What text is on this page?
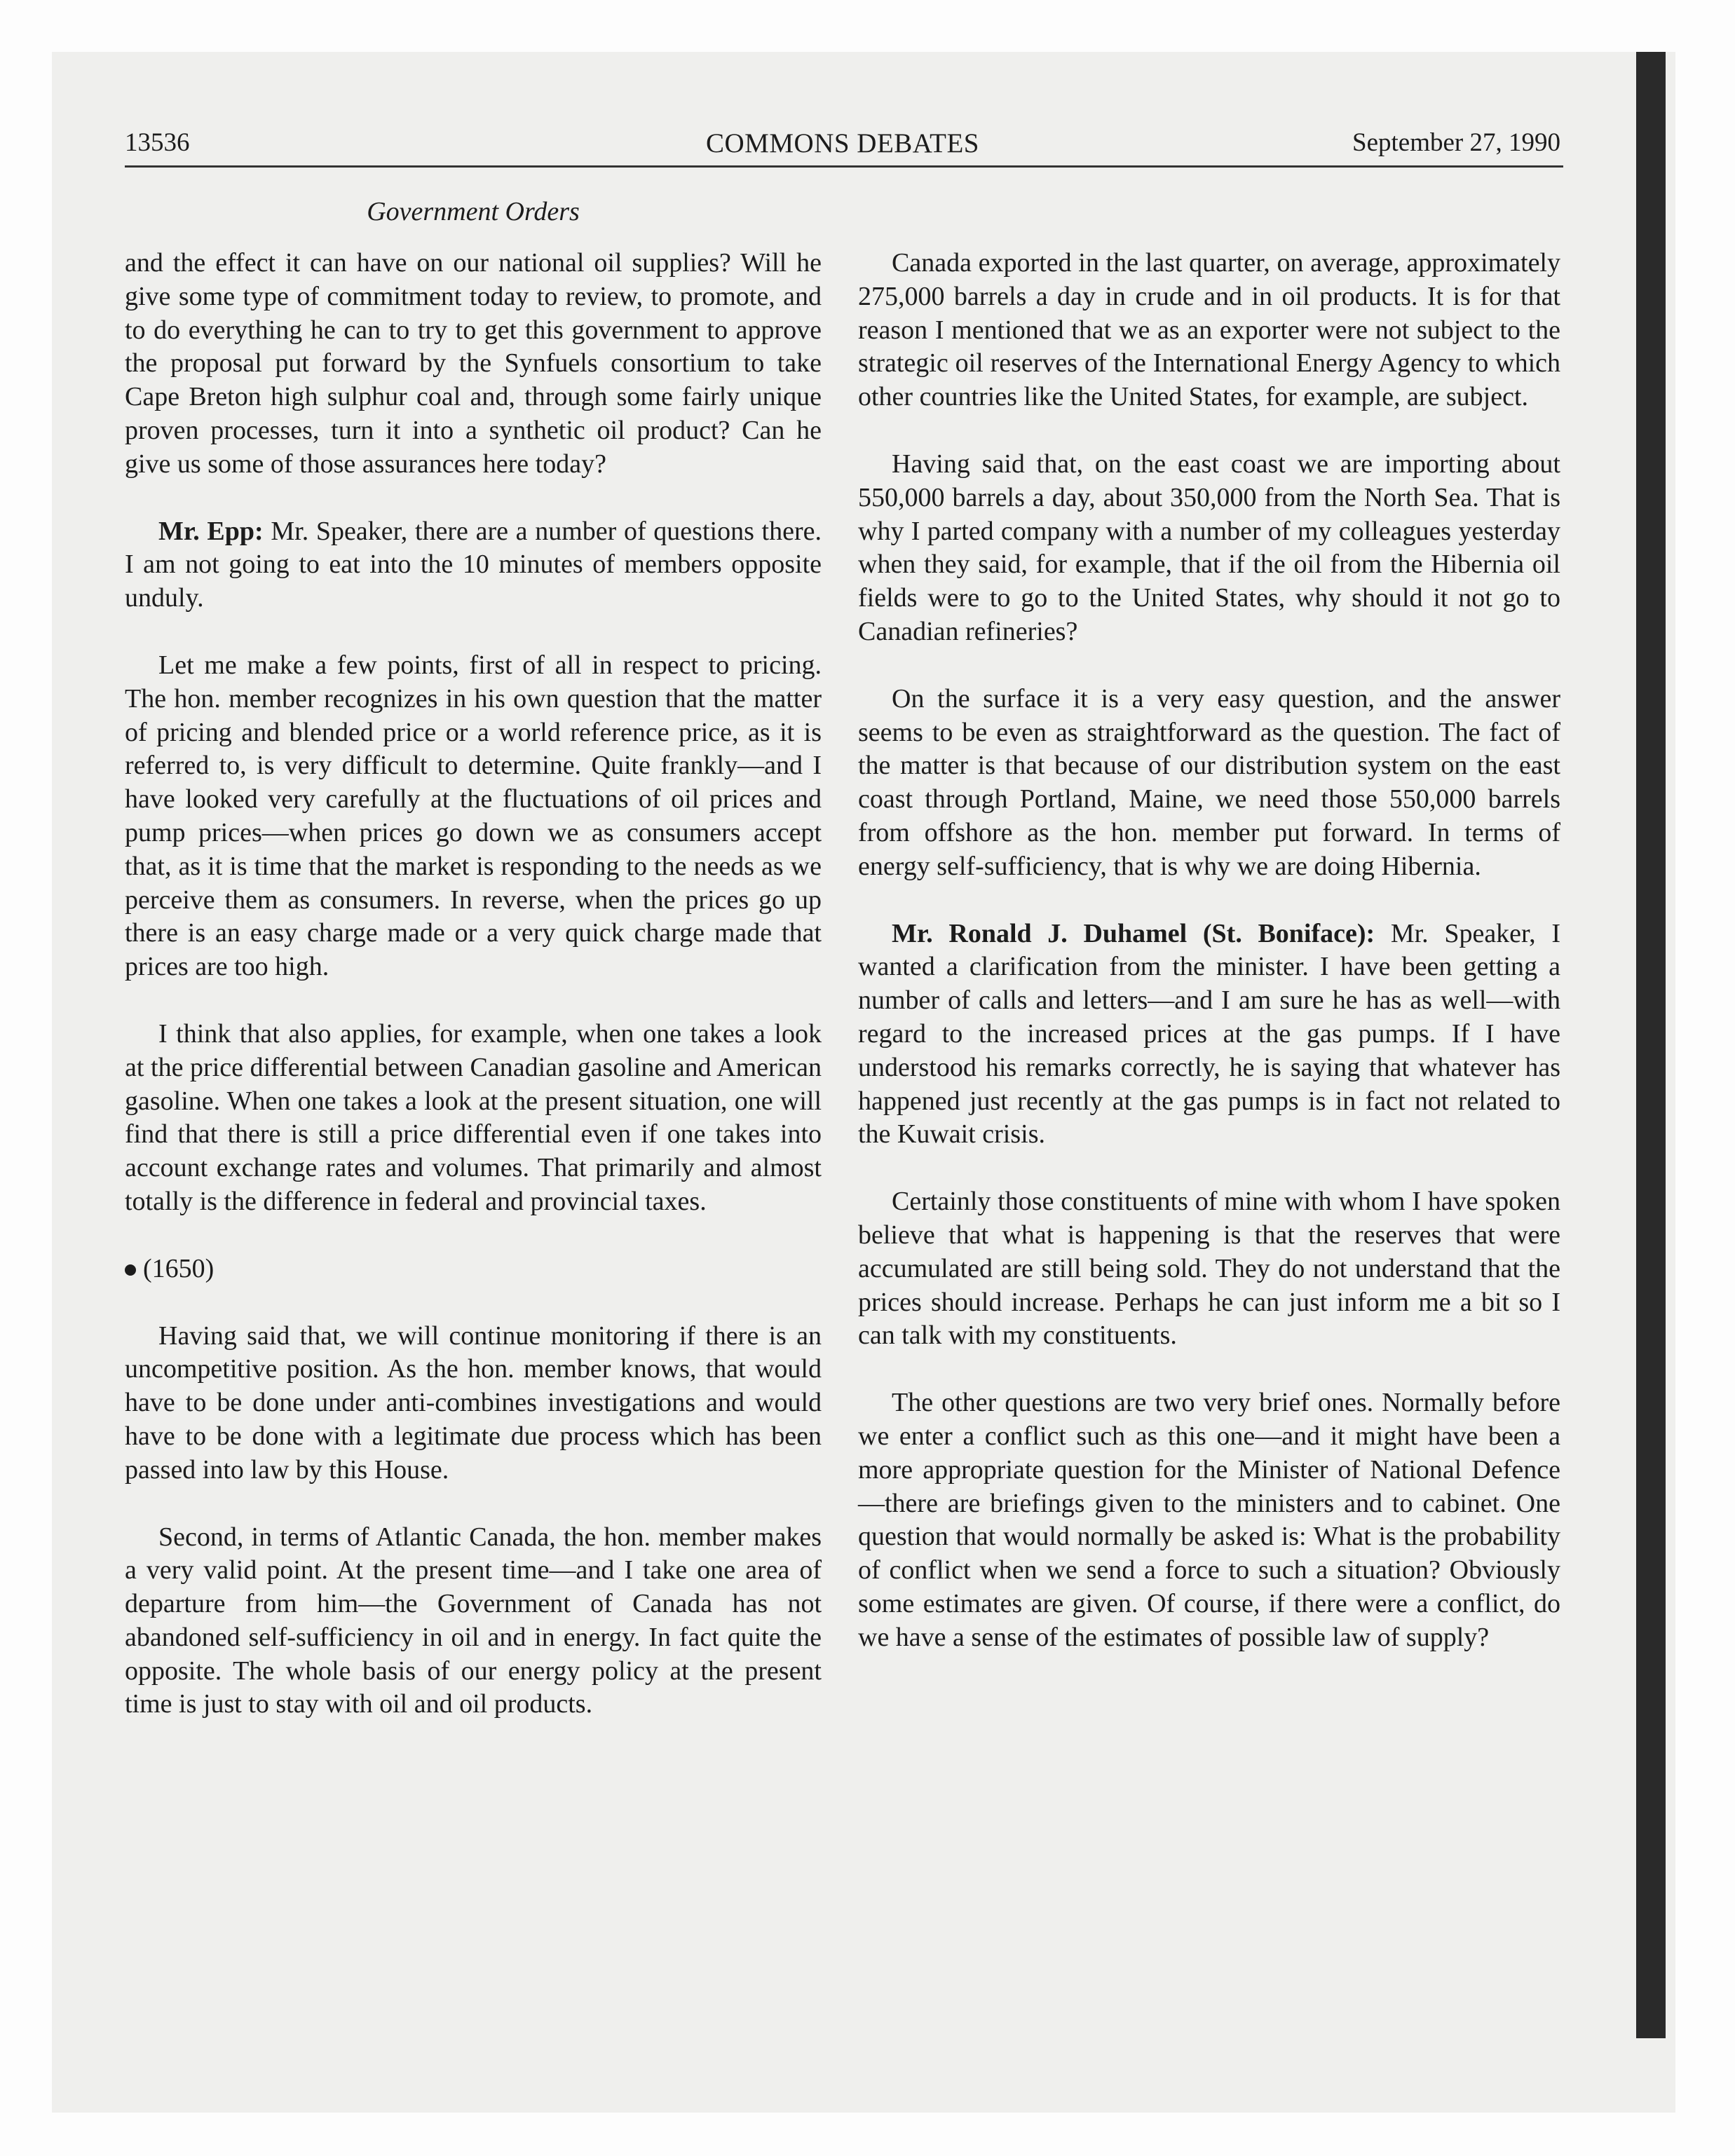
13536	COMMONS DEBATES	September 27, 1990
Government Orders

and the effect it can have on our national oil supplies? Will he give some type of commitment today to review, to promote, and to do everything he can to try to get this government to approve the proposal put forward by the Synfuels consortium to take Cape Breton high sulphur coal and, through some fairly unique proven processes, turn it into a synthetic oil product? Can he give us some of those assurances here today?

Mr. Epp: Mr. Speaker, there are a number of questions there. I am not going to eat into the 10 minutes of members opposite unduly.

Let me make a few points, first of all in respect to pricing. The hon. member recognizes in his own question that the matter of pricing and blended price or a world reference price, as it is referred to, is very difficult to determine. Quite frankly—and I have looked very carefully at the fluctuations of oil prices and pump prices—when prices go down we as consumers accept that, as it is time that the market is responding to the needs as we perceive them as consumers. In reverse, when the prices go up there is an easy charge made or a very quick charge made that prices are too high.

I think that also applies, for example, when one takes a look at the price differential between Canadian gasoline and American gasoline. When one takes a look at the present situation, one will find that there is still a price differential even if one takes into account exchange rates and volumes. That primarily and almost totally is the difference in federal and provincial taxes.

(1650)

Having said that, we will continue monitoring if there is an uncompetitive position. As the hon. member knows, that would have to be done under anti-combines investigations and would have to be done with a legitimate due process which has been passed into law by this House.

Second, in terms of Atlantic Canada, the hon. member makes a very valid point. At the present time—and I take one area of departure from him—the Government of Canada has not abandoned self-sufficiency in oil and in energy. In fact quite the opposite. The whole basis of our energy policy at the present time is just to stay with oil and oil products.

Canada exported in the last quarter, on average, approximately 275,000 barrels a day in crude and in oil products. It is for that reason I mentioned that we as an exporter were not subject to the strategic oil reserves of the International Energy Agency to which other countries like the United States, for example, are subject.

Having said that, on the east coast we are importing about 550,000 barrels a day, about 350,000 from the North Sea. That is why I parted company with a number of my colleagues yesterday when they said, for example, that if the oil from the Hibernia oil fields were to go to the United States, why should it not go to Canadian refineries?

On the surface it is a very easy question, and the answer seems to be even as straightforward as the question. The fact of the matter is that because of our distribution system on the east coast through Portland, Maine, we need those 550,000 barrels from offshore as the hon. member put forward. In terms of energy self-sufficiency, that is why we are doing Hibernia.

Mr. Ronald J. Duhamel (St. Boniface): Mr. Speaker, I wanted a clarification from the minister. I have been getting a number of calls and letters—and I am sure he has as well—with regard to the increased prices at the gas pumps. If I have understood his remarks correctly, he is saying that whatever has happened just recently at the gas pumps is in fact not related to the Kuwait crisis.

Certainly those constituents of mine with whom I have spoken believe that what is happening is that the reserves that were accumulated are still being sold. They do not understand that the prices should increase. Perhaps he can just inform me a bit so I can talk with my constituents.

The other questions are two very brief ones. Normally before we enter a conflict such as this one—and it might have been a more appropriate question for the Minister of National Defence—there are briefings given to the ministers and to cabinet. One question that would normally be asked is: What is the probability of conflict when we send a force to such a situation? Obviously some estimates are given. Of course, if there were a conflict, do we have a sense of the estimates of possible law of supply?
